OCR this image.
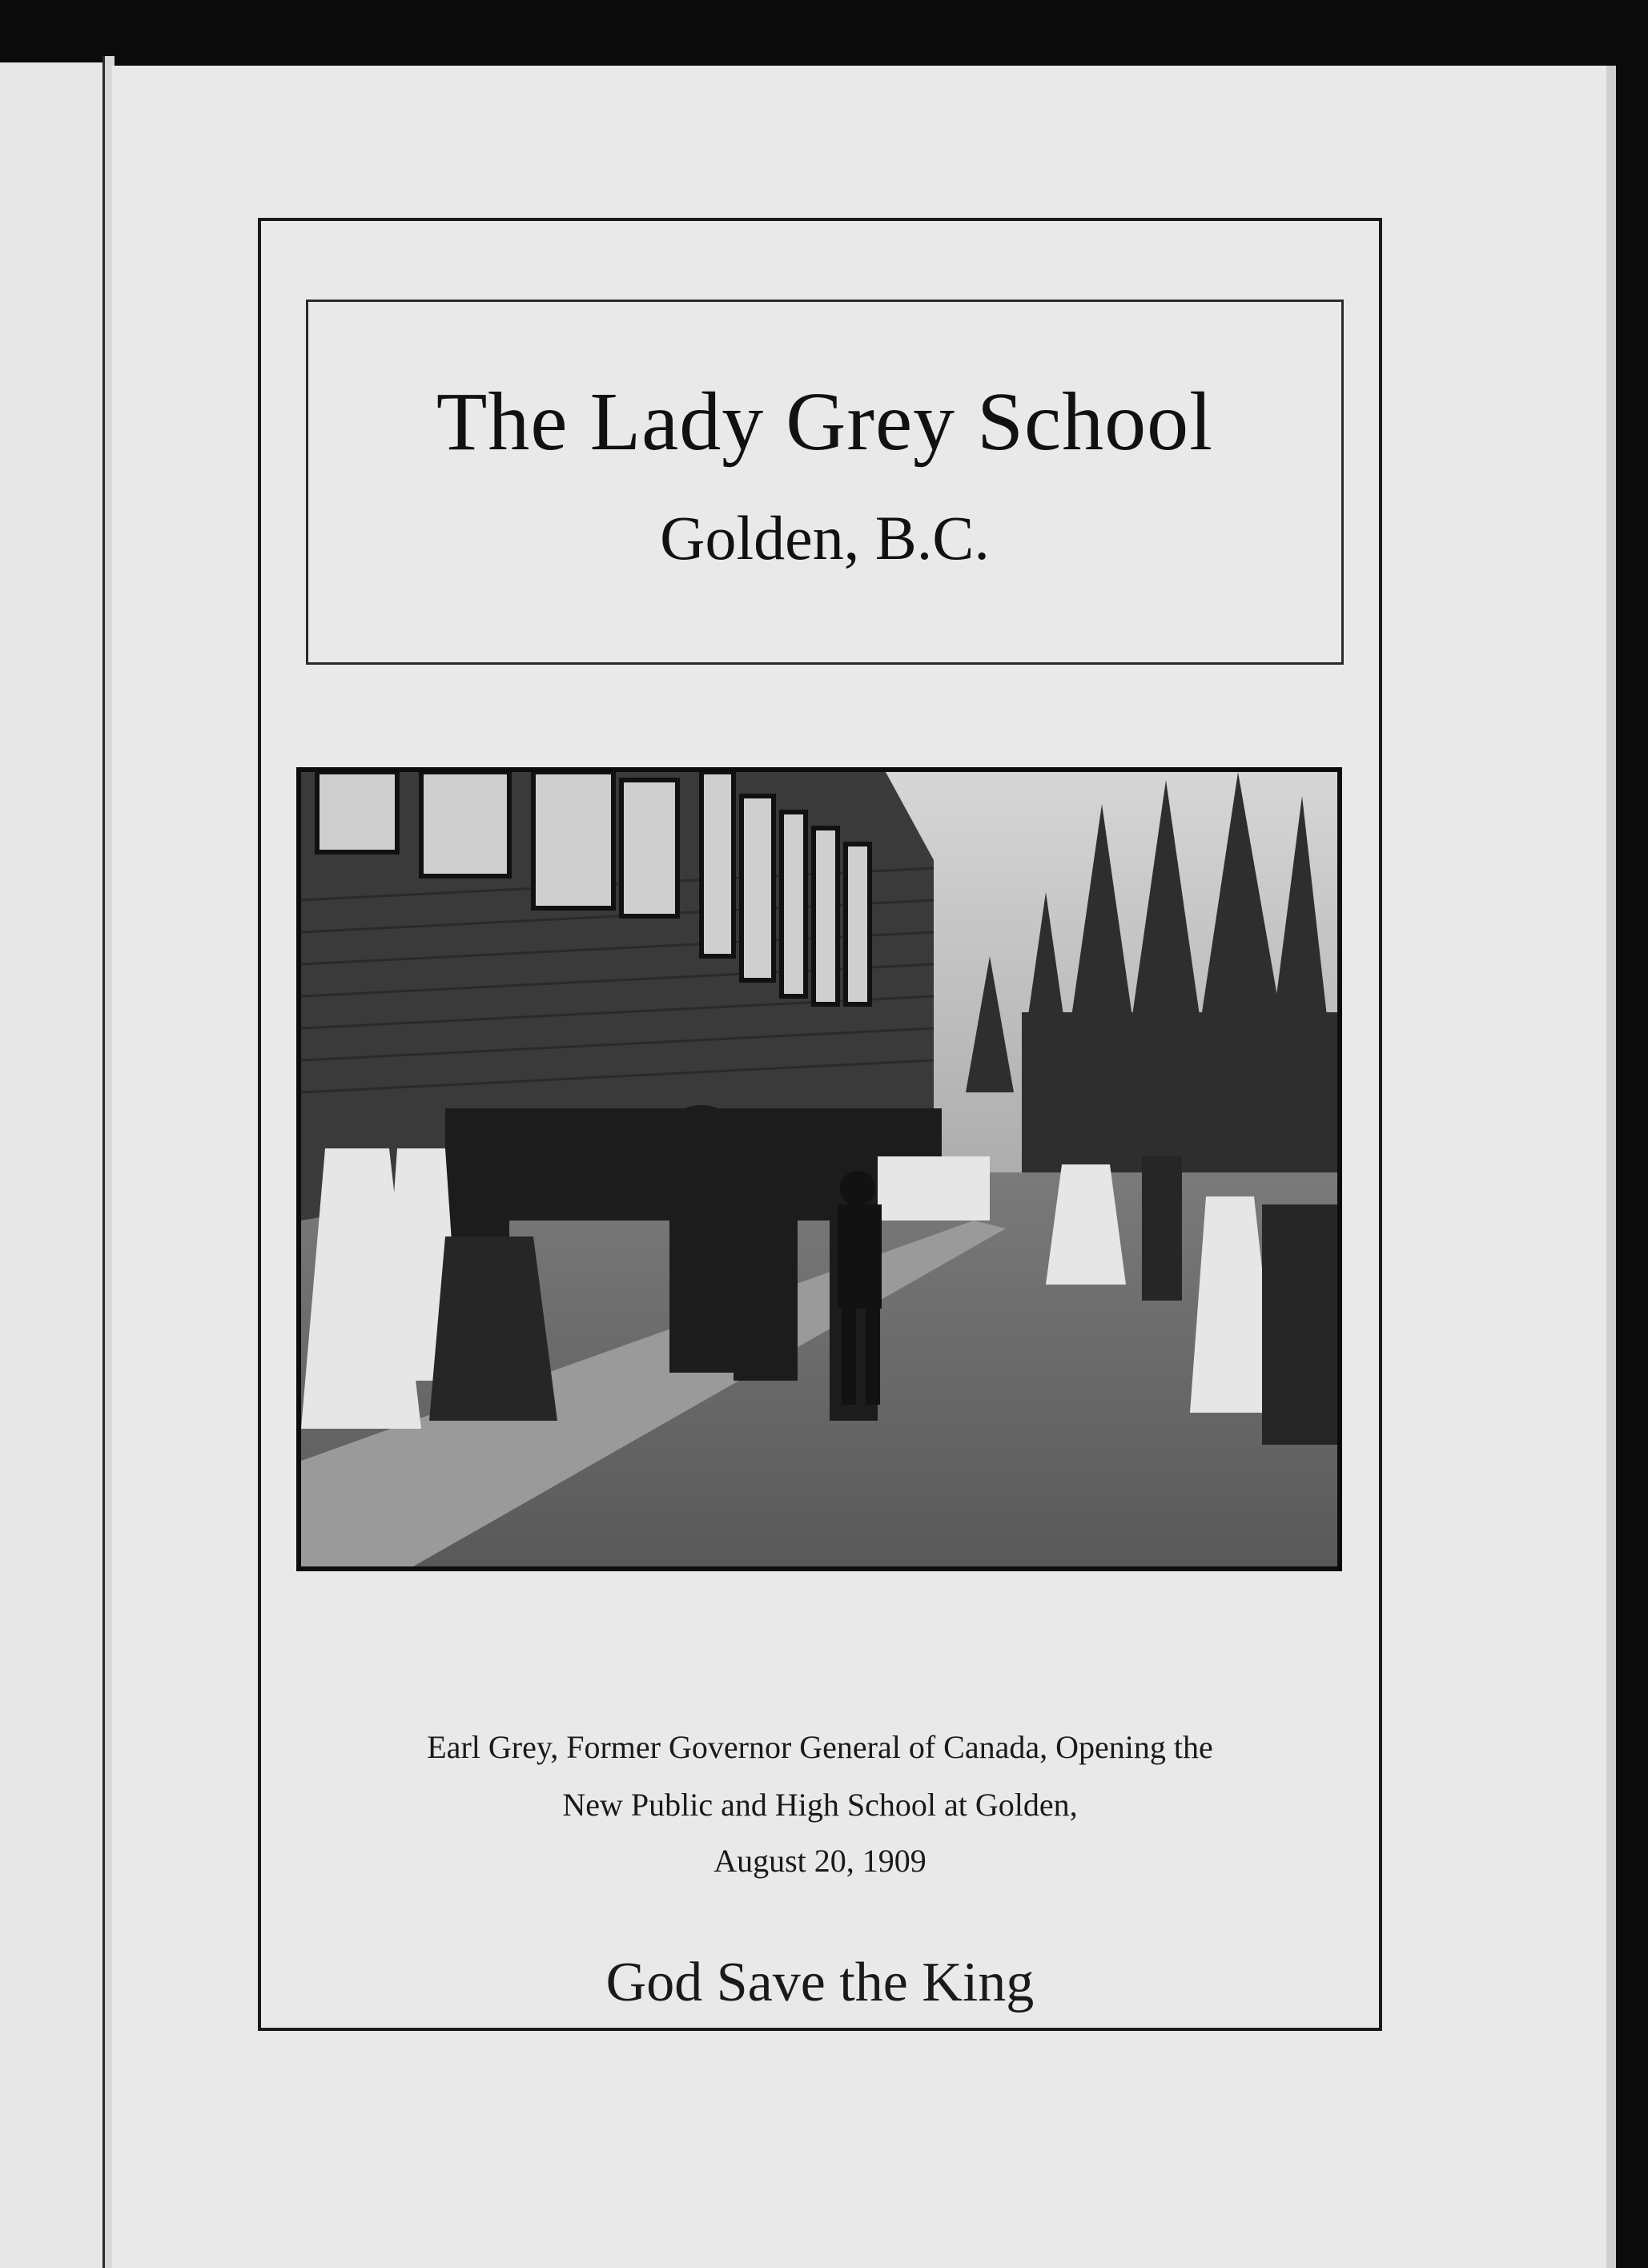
The Lady Grey School
Golden, B.C.
Earl Grey, Former Governor General of Canada, Opening the
New Public and High School at Golden,
August 20, 1909
God Save the King
